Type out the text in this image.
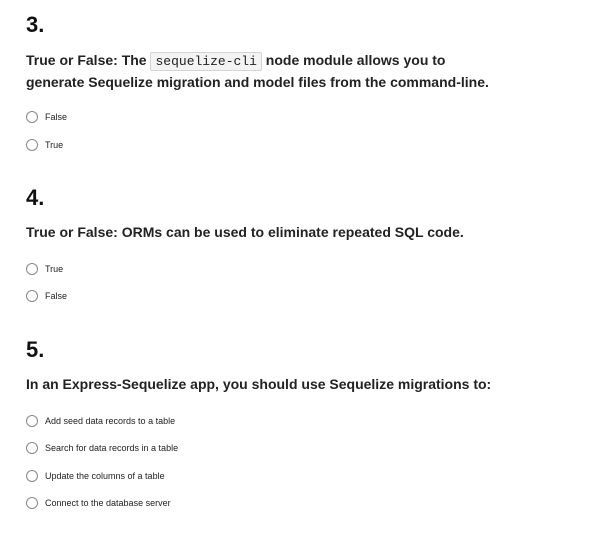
3.

True or False: The sequelize-cli node module allows you to generate Sequelize migration and model files from the command-line.

False
True

4.

True or False: ORMs can be used to eliminate repeated SQL code.

True
False

5.

In an Express-Sequelize app, you should use Sequelize migrations to:

Add seed data records to a table
Search for data records in a table
Update the columns of a table
Connect to the database server
